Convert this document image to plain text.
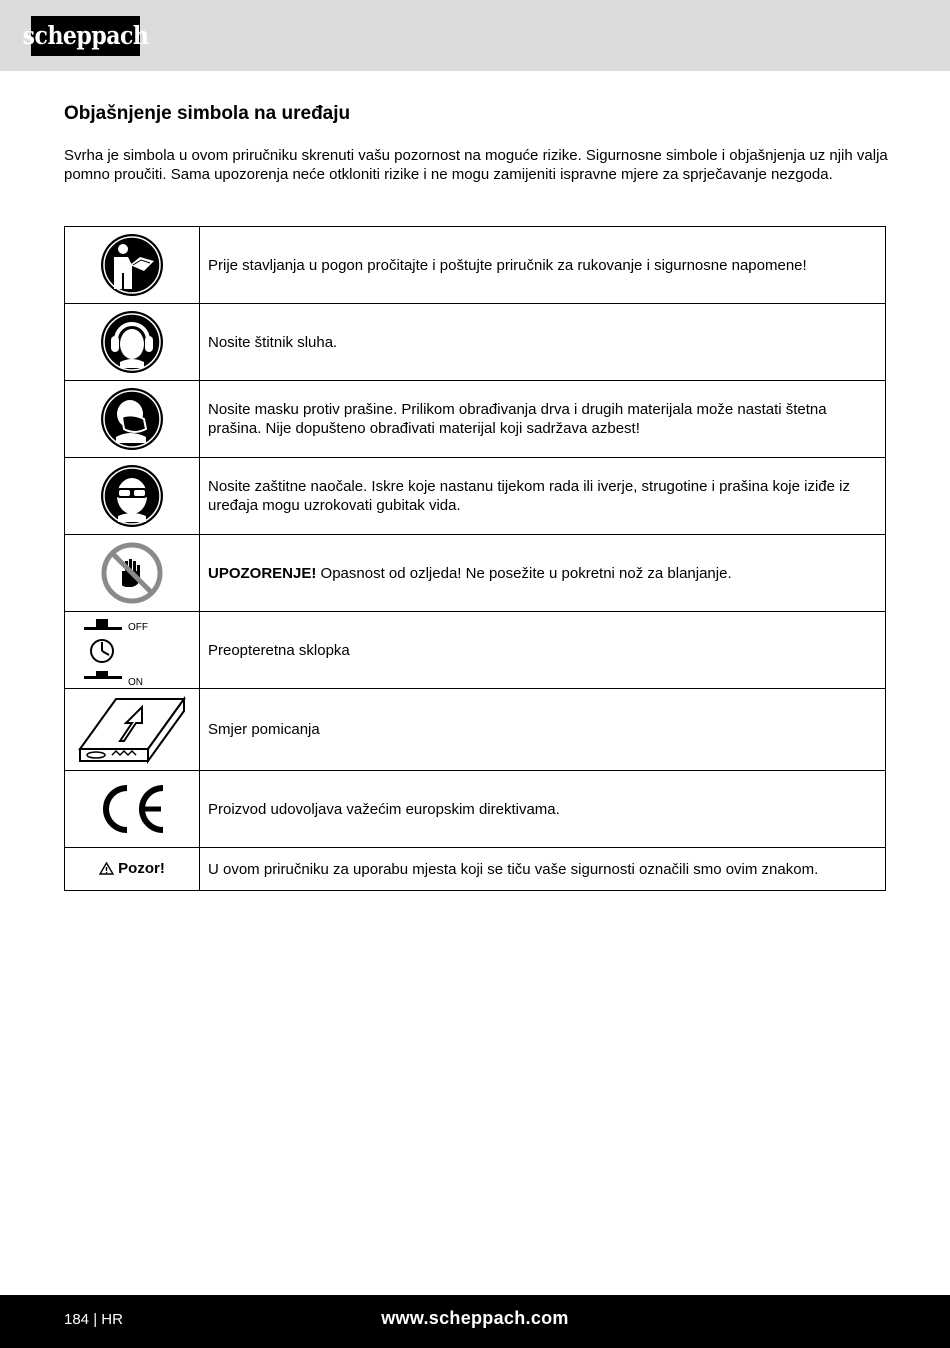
scheppach
Objašnjenje simbola na uređaju

Svrha je simbola u ovom priručniku skrenuti vašu pozornost na moguće rizike. Sigurnosne simbole i objašnjenja uz njih valja pomno proučiti. Sama upozorenja neće otkloniti rizike i ne mogu zamijeniti ispravne mjere za sprječavanje nezgoda.

	Prije stavljanja u pogon pročitajte i poštujte priručnik za rukovanje i sigurnosne napomene!

	Nosite štitnik sluha.

	Nosite masku protiv prašine. Prilikom obrađivanja drva i drugih materijala može nastati štetna prašina. Nije dopušteno obrađivati materijal koji sadržava azbest!

	Nosite zaštitne naočale. Iskre koje nastanu tijekom rada ili iverje, strugotine i prašina koje iziđe iz uređaja mogu uzrokovati gubitak vida.

	UPOZORENJE! Opasnost od ozljeda! Ne posežite u pokretni nož za blanjanje.

OFF
ON	Preopteretna sklopka

	Smjer pomicanja

	Proizvod udovoljava važećim europskim direktivama.

Pozor!	U ovom priručniku za uporabu mjesta koji se tiču vaše sigurnosti označili smo ovim znakom.
184 | HR	www.scheppach.com
